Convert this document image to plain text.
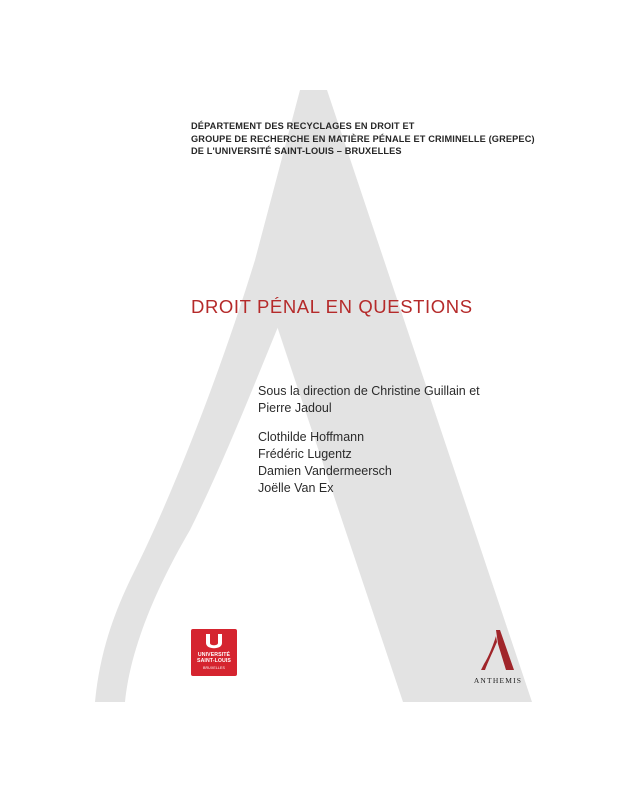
DÉPARTEMENT DES RECYCLAGES EN DROIT ET
GROUPE DE RECHERCHE EN MATIÈRE PÉNALE ET CRIMINELLE (GREPEC)
DE L'UNIVERSITÉ SAINT-LOUIS – BRUXELLES
DROIT PÉNAL EN QUESTIONS
Sous la direction de Christine Guillain et
Pierre Jadoul
Clothilde Hoffmann
Frédéric Lugentz
Damien Vandermeersch
Joëlle Van Ex
UNIVERSITÉ
SAINT-LOUIS
BRUXELLES
ANTHEMIS
